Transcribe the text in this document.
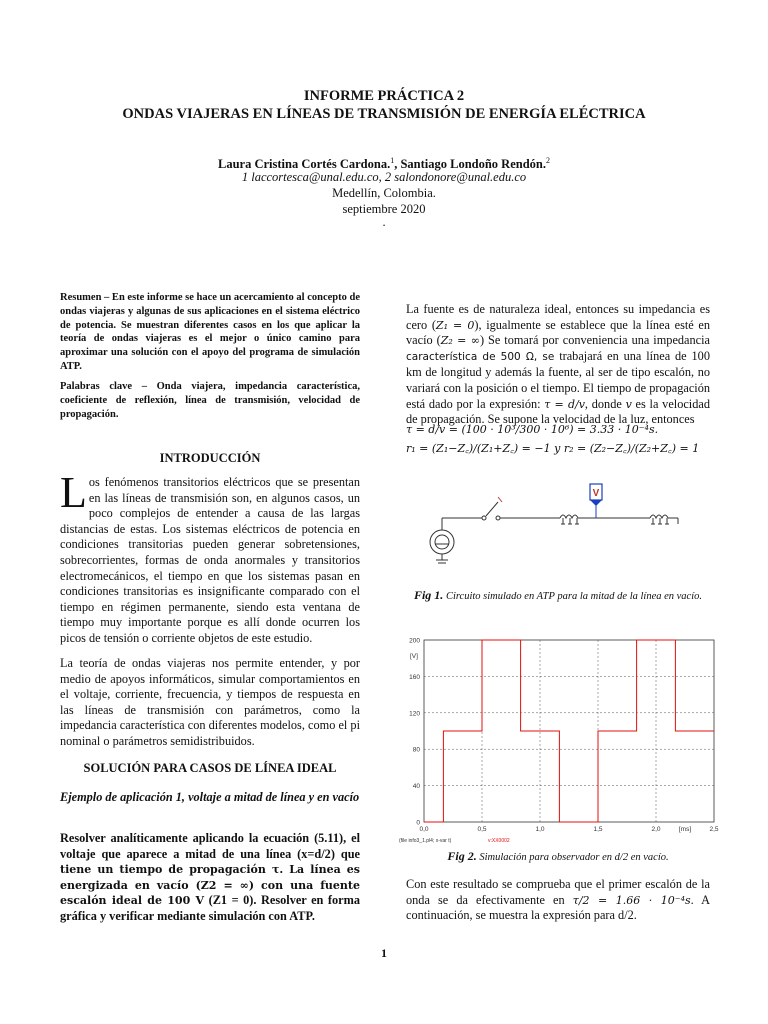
INFORME PRÁCTICA 2
ONDAS VIAJERAS EN LÍNEAS DE TRANSMISIÓN DE ENERGÍA ELÉCTRICA
Laura Cristina Cortés Cardona.$^1$, Santiago Londoño Rendón.$^2$
1 laccortesca@unal.edu.co, 2 salondonore@unal.edu.co
Medellín, Colombia.
septiembre 2020
.
Resumen – En este informe se hace un acercamiento al concepto de ondas viajeras y algunas de sus aplicaciones en el sistema eléctrico de potencia. Se muestran diferentes casos en los que aplicar la teoría de ondas viajeras es el mejor o único camino para aproximar una solución con el apoyo del programa de simulación ATP.
Palabras clave – Onda viajera, impedancia característica, coeficiente de reflexión, línea de transmisión, velocidad de propagación.
INTRODUCCIÓN
Los fenómenos transitorios eléctricos que se presentan en las líneas de transmisión son, en algunos casos, un poco complejos de entender a causa de las largas distancias de estas. Los sistemas eléctricos de potencia en condiciones transitorias pueden generar sobretensiones, sobrecorrientes, formas de onda anormales y transitorios electromecánicos, el tiempo en que los sistemas pasan en condiciones transitorias es insignificante comparado con el tiempo en régimen permanente, siendo esta ventana de tiempo muy importante porque es allí donde ocurren los picos de tensión o corriente objetos de este estudio.
La teoría de ondas viajeras nos permite entender, y por medio de apoyos informáticos, simular comportamientos en el voltaje, corriente, frecuencia, y tiempos de respuesta en las líneas de transmisión con parámetros, como la impedancia característica con diferentes modelos, como el pi nominal o parámetros semidistribuidos.
SOLUCIÓN PARA CASOS DE LÍNEA IDEAL
Ejemplo de aplicación 1, voltaje a mitad de línea y en vacío
Resolver analíticamente aplicando la ecuación (5.11), el voltaje que aparece a mitad de una línea (x=d/2) que tiene un tiempo de propagación τ. La línea es energizada en vacío (Z2 = ∞) con una fuente escalón ideal de 100 V (Z1 = 0). Resolver en forma gráfica y verificar mediante simulación con ATP.
La fuente es de naturaleza ideal, entonces su impedancia es cero (Z₁ = 0), igualmente se establece que la línea esté en vacío (Z₂ = ∞) Se tomará por conveniencia una impedancia característica de 500 Ω, se trabajará en una línea de 100 km de longitud y además la fuente, al ser de tipo escalón, no variará con la posición o el tiempo. El tiempo de propagación está dado por la expresión: τ = d/v, donde v es la velocidad de propagación. Se supone la velocidad de la luz, entonces
τ = d/v = (100 · 10³/300 · 10⁶) = 3.33 · 10⁻⁴s.
r₁ = (Z₁−Z꜀)/(Z₁+Z꜀) = −1 y r₂ = (Z₂−Z꜀)/(Z₂+Z꜀) = 1
V
Fig 1. Circuito simulado en ATP para la mitad de la línea en vacío.
200
160
120
80
40
0
0,0	0,5	1,0	1,5	2,0	[ms]	2,5
[V]
(file info3_1.pl4; x-var t)	v:XX0002
Fig 2. Simulación para observador en d/2 en vacío.
Con este resultado se comprueba que el primer escalón de la onda se da efectivamente en τ/2 = 1.66 · 10⁻⁴s. A continuación, se muestra la expresión para d/2.
1
